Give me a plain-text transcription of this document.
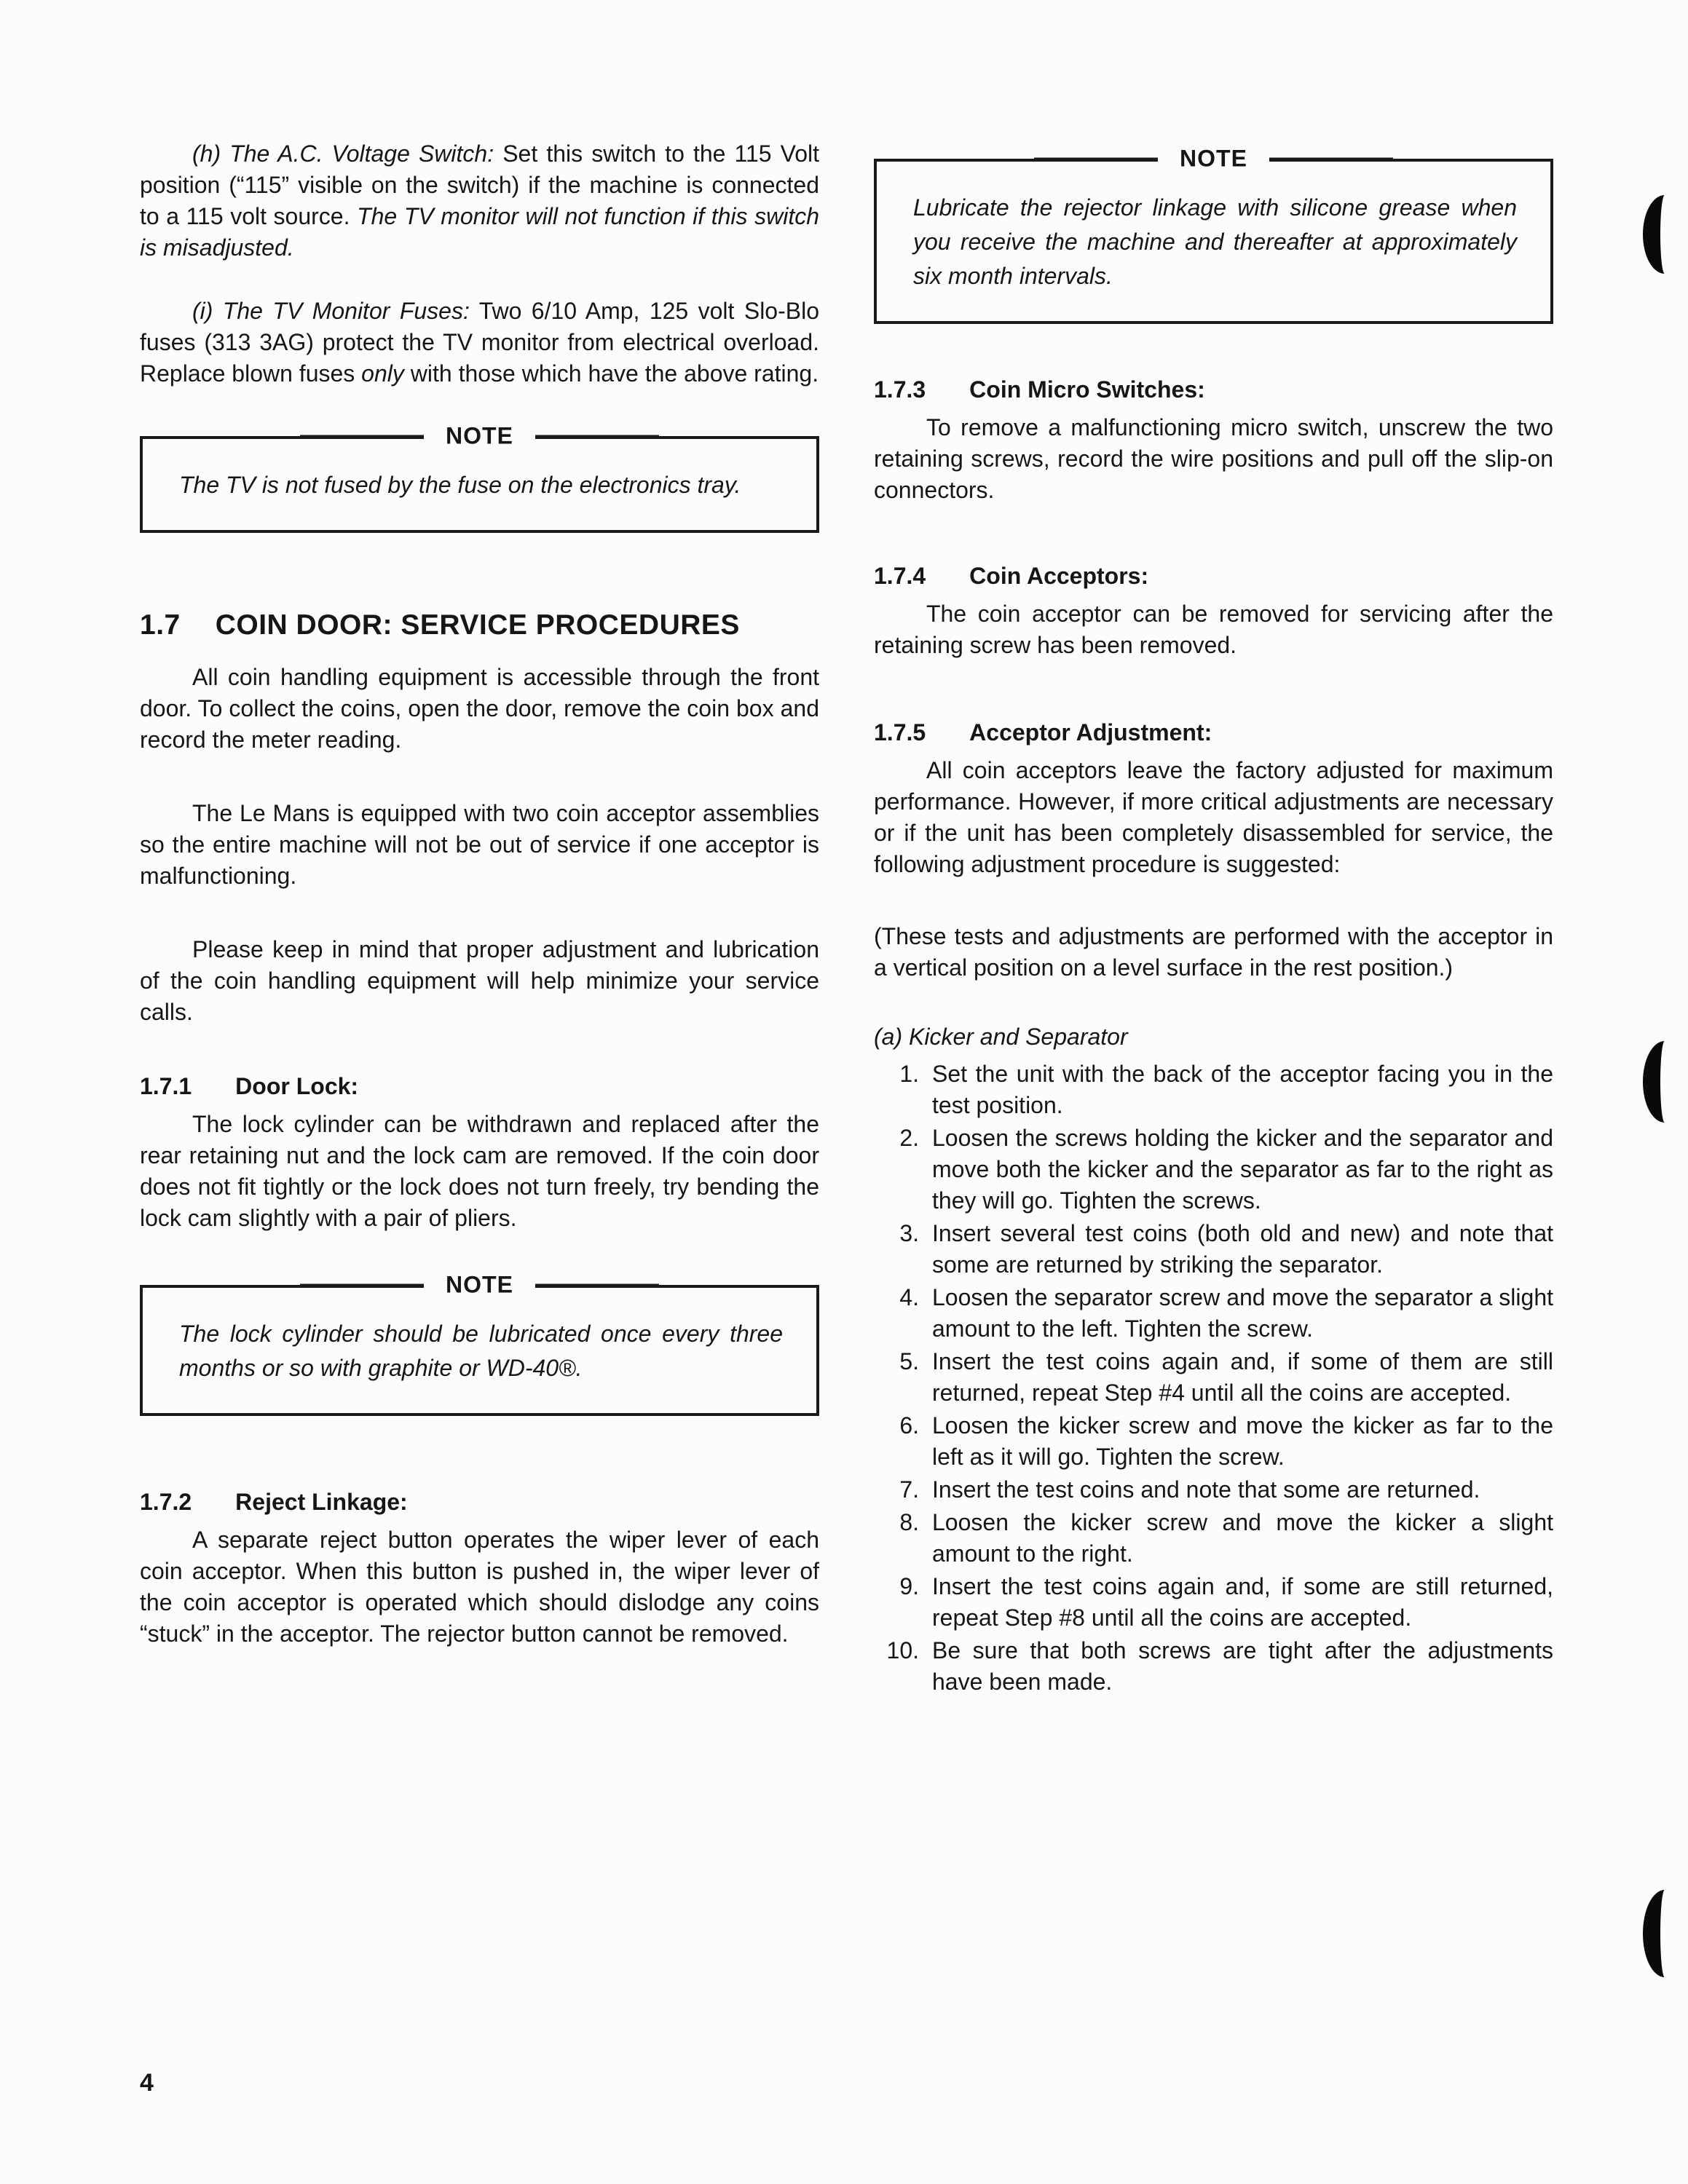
(h) The A.C. Voltage Switch: Set this switch to the 115 Volt position (“115” visible on the switch) if the machine is connected to a 115 volt source. The TV monitor will not function if this switch is misadjusted.

(i) The TV Monitor Fuses: Two 6/10 Amp, 125 volt Slo-Blo fuses (313 3AG) protect the TV monitor from electrical overload. Replace blown fuses only with those which have the above rating.

NOTE

The TV is not fused by the fuse on the electronics tray.

1.7 COIN DOOR: SERVICE PROCEDURES

All coin handling equipment is accessible through the front door. To collect the coins, open the door, remove the coin box and record the meter reading.

The Le Mans is equipped with two coin acceptor assemblies so the entire machine will not be out of service if one acceptor is malfunctioning.

Please keep in mind that proper adjustment and lubrication of the coin handling equipment will help minimize your service calls.

1.7.1 Door Lock:

The lock cylinder can be withdrawn and replaced after the rear retaining nut and the lock cam are removed. If the coin door does not fit tightly or the lock does not turn freely, try bending the lock cam slightly with a pair of pliers.

NOTE

The lock cylinder should be lubricated once every three months or so with graphite or WD-40®.

1.7.2 Reject Linkage:

A separate reject button operates the wiper lever of each coin acceptor. When this button is pushed in, the wiper lever of the coin acceptor is operated which should dislodge any coins “stuck” in the acceptor. The rejector button cannot be removed.

NOTE

Lubricate the rejector linkage with silicone grease when you receive the machine and thereafter at approximately six month intervals.

1.7.3 Coin Micro Switches:

To remove a malfunctioning micro switch, unscrew the two retaining screws, record the wire positions and pull off the slip-on connectors.

1.7.4 Coin Acceptors:

The coin acceptor can be removed for servicing after the retaining screw has been removed.

1.7.5 Acceptor Adjustment:

All coin acceptors leave the factory adjusted for maximum performance. However, if more critical adjustments are necessary or if the unit has been completely disassembled for service, the following adjustment procedure is suggested:

(These tests and adjustments are performed with the acceptor in a vertical position on a level surface in the rest position.)

(a) Kicker and Separator

1. Set the unit with the back of the acceptor facing you in the test position.
2. Loosen the screws holding the kicker and the separator and move both the kicker and the separator as far to the right as they will go. Tighten the screws.
3. Insert several test coins (both old and new) and note that some are returned by striking the separator.
4. Loosen the separator screw and move the separator a slight amount to the left. Tighten the screw.
5. Insert the test coins again and, if some of them are still returned, repeat Step #4 until all the coins are accepted.
6. Loosen the kicker screw and move the kicker as far to the left as it will go. Tighten the screw.
7. Insert the test coins and note that some are returned.
8. Loosen the kicker screw and move the kicker a slight amount to the right.
9. Insert the test coins again and, if some are still returned, repeat Step #8 until all the coins are accepted.
10. Be sure that both screws are tight after the adjustments have been made.
4
